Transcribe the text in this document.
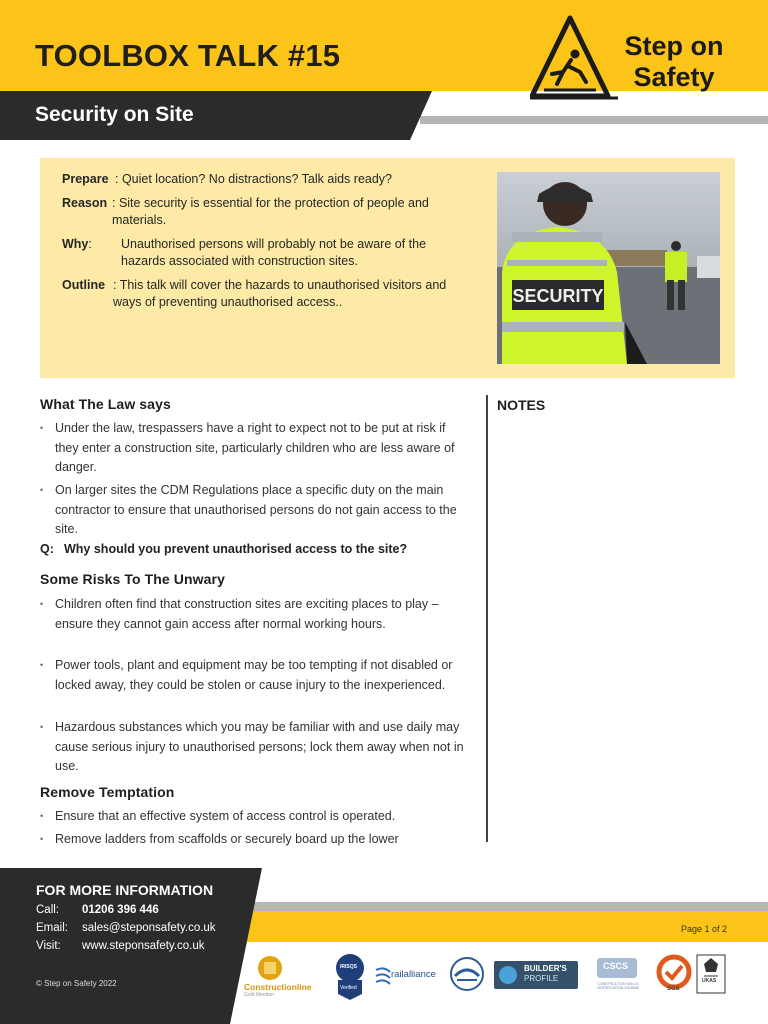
TOOLBOX TALK #15
Security on Site
Step on
Safety
Prepare : Quiet location? No distractions? Talk aids ready?
Reason : Site security is essential for the protection of people and materials.
Why: Unauthorised persons will probably not be aware of the hazards associated with construction sites.
Outline : This talk will cover the hazards to unauthorised visitors and ways of preventing unauthorised access..	SECURITY
What The Law says
• Under the law, trespassers have a right to expect not to be put at risk if they enter a construction site, particularly children who are less aware of danger.
• On larger sites the CDM Regulations place a specific duty on the main contractor to ensure that unauthorised persons do not gain access to the site.
Q: Why should you prevent unauthorised access to the site?
Some Risks To The Unwary
• Children often find that construction sites are exciting places to play – ensure they cannot gain access after normal working hours.
• Power tools, plant and equipment may be too tempting if not disabled or locked away, they could be stolen or cause injury to the inexperienced.
• Hazardous substances which you may be familiar with and use daily may cause serious injury to unauthorised persons; lock them away when not in use.
Remove Temptation
• Ensure that an effective system of access control is operated.
• Remove ladders from scaffolds or securely board up the lower
NOTES
Page 1 of 2
FOR MORE INFORMATION
Call: 01206 396 446
Email: sales@steponsafety.co.uk
Visit: www.steponsafety.co.uk
© Step on Safety 2022	Constructionline
Gold Member
IRISQS
Verified
railalliance
BUILDER'S
PROFILE
CSCS
CONSTRUCTION SKILLS CERTIFICATION SCHEME	SGS
UKAS
